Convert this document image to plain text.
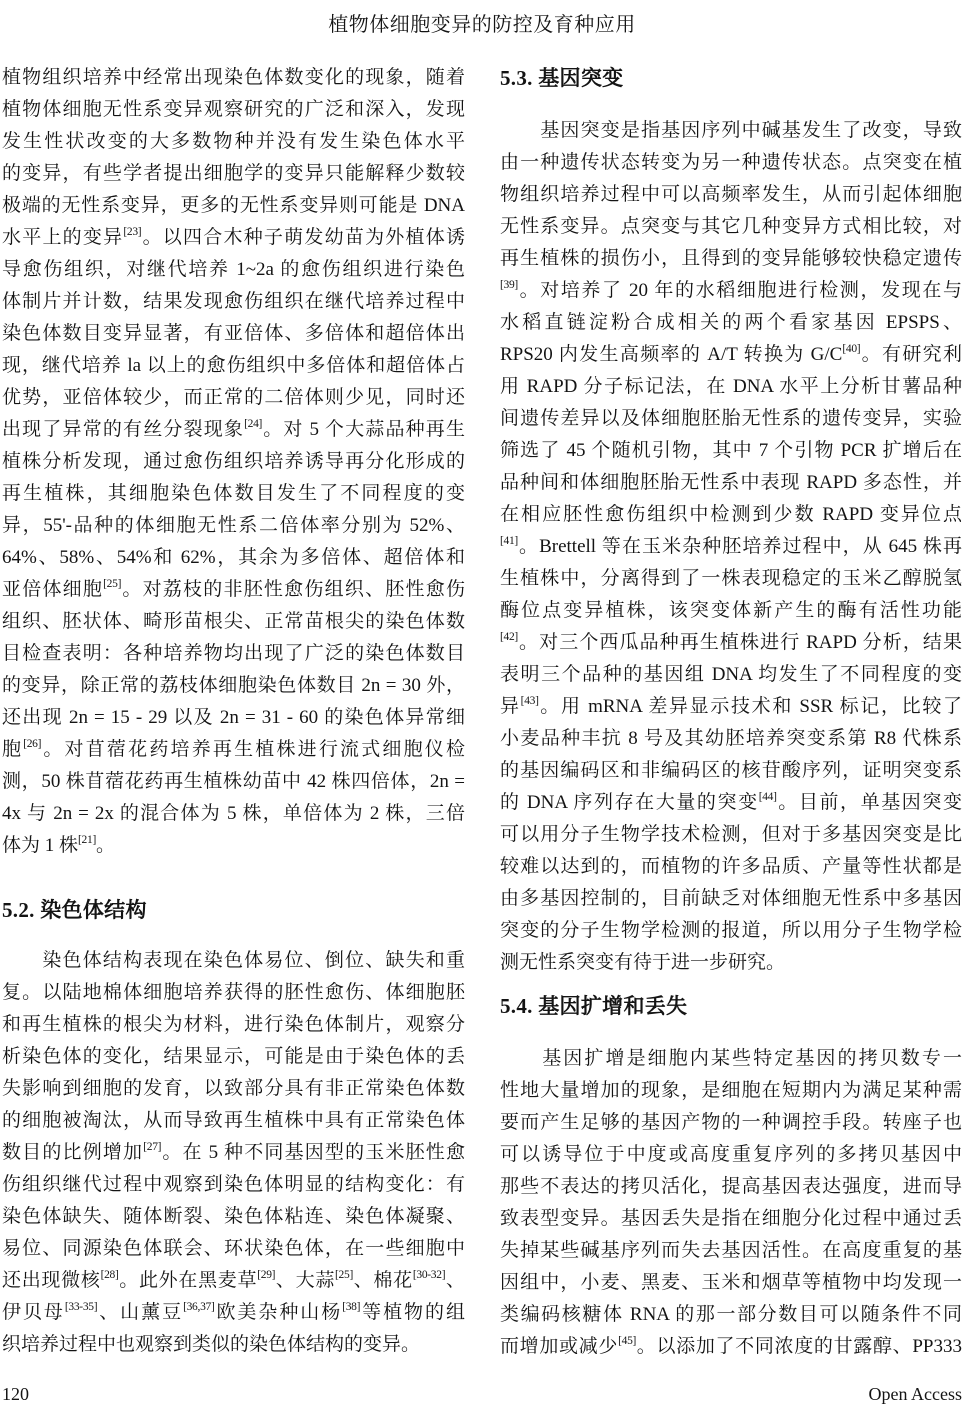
植物体细胞变异的防控及育种应用
植物组织培养中经常出现染色体数变化的现象，随着
植物体细胞无性系变异观察研究的广泛和深入，发现
发生性状改变的大多数物种并没有发生染色体水平
的变异，有些学者提出细胞学的变异只能解释少数较
极端的无性系变异，更多的无性系变异则可能是 DNA
水平上的变异[23]。以四合木种子萌发幼苗为外植体诱
导愈伤组织，对继代培养 1~2a 的愈伤组织进行染色
体制片并计数，结果发现愈伤组织在继代培养过程中
染色体数目变异显著，有亚倍体、多倍体和超倍体出
现，继代培养 la 以上的愈伤组织中多倍体和超倍体占
优势，亚倍体较少，而正常的二倍体则少见，同时还
出现了异常的有丝分裂现象[24]。对 5 个大蒜品种再生
植株分析发现，通过愈伤组织培养诱导再分化形成的
再生植株，其细胞染色体数目发生了不同程度的变
异，55'-品种的体细胞无性系二倍体率分别为 52%、
64%、58%、54%和 62%，其余为多倍体、超倍体和
亚倍体细胞[25]。对荔枝的非胚性愈伤组织、胚性愈伤
组织、胚状体、畸形苗根尖、正常苗根尖的染色体数
目检查表明：各种培养物均出现了广泛的染色体数目
的变异，除正常的荔枝体细胞染色体数目 2n = 30 外，
还出现 2n = 15 - 29 以及 2n = 31 - 60 的染色体异常细
胞[26]。对苜蓿花药培养再生植株进行流式细胞仪检
测，50 株苜蓿花药再生植株幼苗中 42 株四倍体，2n =
4x 与 2n = 2x 的混合体为 5 株，单倍体为 2 株，三倍
体为 1 株[21]。
5.2. 染色体结构
　　染色体结构表现在染色体易位、倒位、缺失和重
复。以陆地棉体细胞培养获得的胚性愈伤、体细胞胚
和再生植株的根尖为材料，进行染色体制片，观察分
析染色体的变化，结果显示，可能是由于染色体的丢
失影响到细胞的发育，以致部分具有非正常染色体数
的细胞被淘汰，从而导致再生植株中具有正常染色体
数目的比例增加[27]。在 5 种不同基因型的玉米胚性愈
伤组织继代过程中观察到染色体明显的结构变化：有
染色体缺失、随体断裂、染色体粘连、染色体凝聚、
易位、同源染色体联会、环状染色体，在一些细胞中
还出现微核[28]。此外在黑麦草[29]、大蒜[25]、棉花[30-32]、
伊贝母[33-35]、山薰豆[36,37]欧美杂种山杨[38]等植物的组
织培养过程中也观察到类似的染色体结构的变异。
5.3. 基因突变
　　基因突变是指基因序列中碱基发生了改变，导致
由一种遗传状态转变为另一种遗传状态。点突变在植
物组织培养过程中可以高频率发生，从而引起体细胞
无性系变异。点突变与其它几种变异方式相比较，对
再生植株的损伤小，且得到的变异能够较快稳定遗传
[39]。对培养了 20 年的水稻细胞进行检测，发现在与
水稻直链淀粉合成相关的两个看家基因 EPSPS、
RPS20 内发生高频率的 A/T 转换为 G/C[40]。有研究利
用 RAPD 分子标记法，在 DNA 水平上分析甘薯品种
间遗传差异以及体细胞胚胎无性系的遗传变异，实验
筛选了 45 个随机引物，其中 7 个引物 PCR 扩增后在
品种间和体细胞胚胎无性系中表现 RAPD 多态性，并
在相应胚性愈伤组织中检测到少数 RAPD 变异位点
[41]。Brettell 等在玉米杂种胚培养过程中，从 645 株再
生植株中，分离得到了一株表现稳定的玉米乙醇脱氢
酶位点变异植株，该突变体新产生的酶有活性功能
[42]。对三个西瓜品种再生植株进行 RAPD 分析，结果
表明三个品种的基因组 DNA 均发生了不同程度的变
异[43]。用 mRNA 差异显示技术和 SSR 标记，比较了
小麦品种丰抗 8 号及其幼胚培养突变系第 R8 代株系
的基因编码区和非编码区的核苷酸序列，证明突变系
的 DNA 序列存在大量的突变[44]。目前，单基因突变
可以用分子生物学技术检测，但对于多基因突变是比
较难以达到的，而植物的许多品质、产量等性状都是
由多基因控制的，目前缺乏对体细胞无性系中多基因
突变的分子生物学检测的报道，所以用分子生物学检
测无性系突变有待于进一步研究。
5.4. 基因扩增和丢失
　　基因扩增是细胞内某些特定基因的拷贝数专一
性地大量增加的现象，是细胞在短期内为满足某种需
要而产生足够的基因产物的一种调控手段。转座子也
可以诱导位于中度或高度重复序列的多拷贝基因中
那些不表达的拷贝活化，提高基因表达强度，进而导
致表型变异。基因丢失是指在细胞分化过程中通过丢
失掉某些碱基序列而失去基因活性。在高度重复的基
因组中，小麦、黑麦、玉米和烟草等植物中均发现一
类编码核糖体 RNA 的那一部分数目可以随条件不同
而增加或减少[45]。以添加了不同浓度的甘露醇、PP333
120	Open Access
